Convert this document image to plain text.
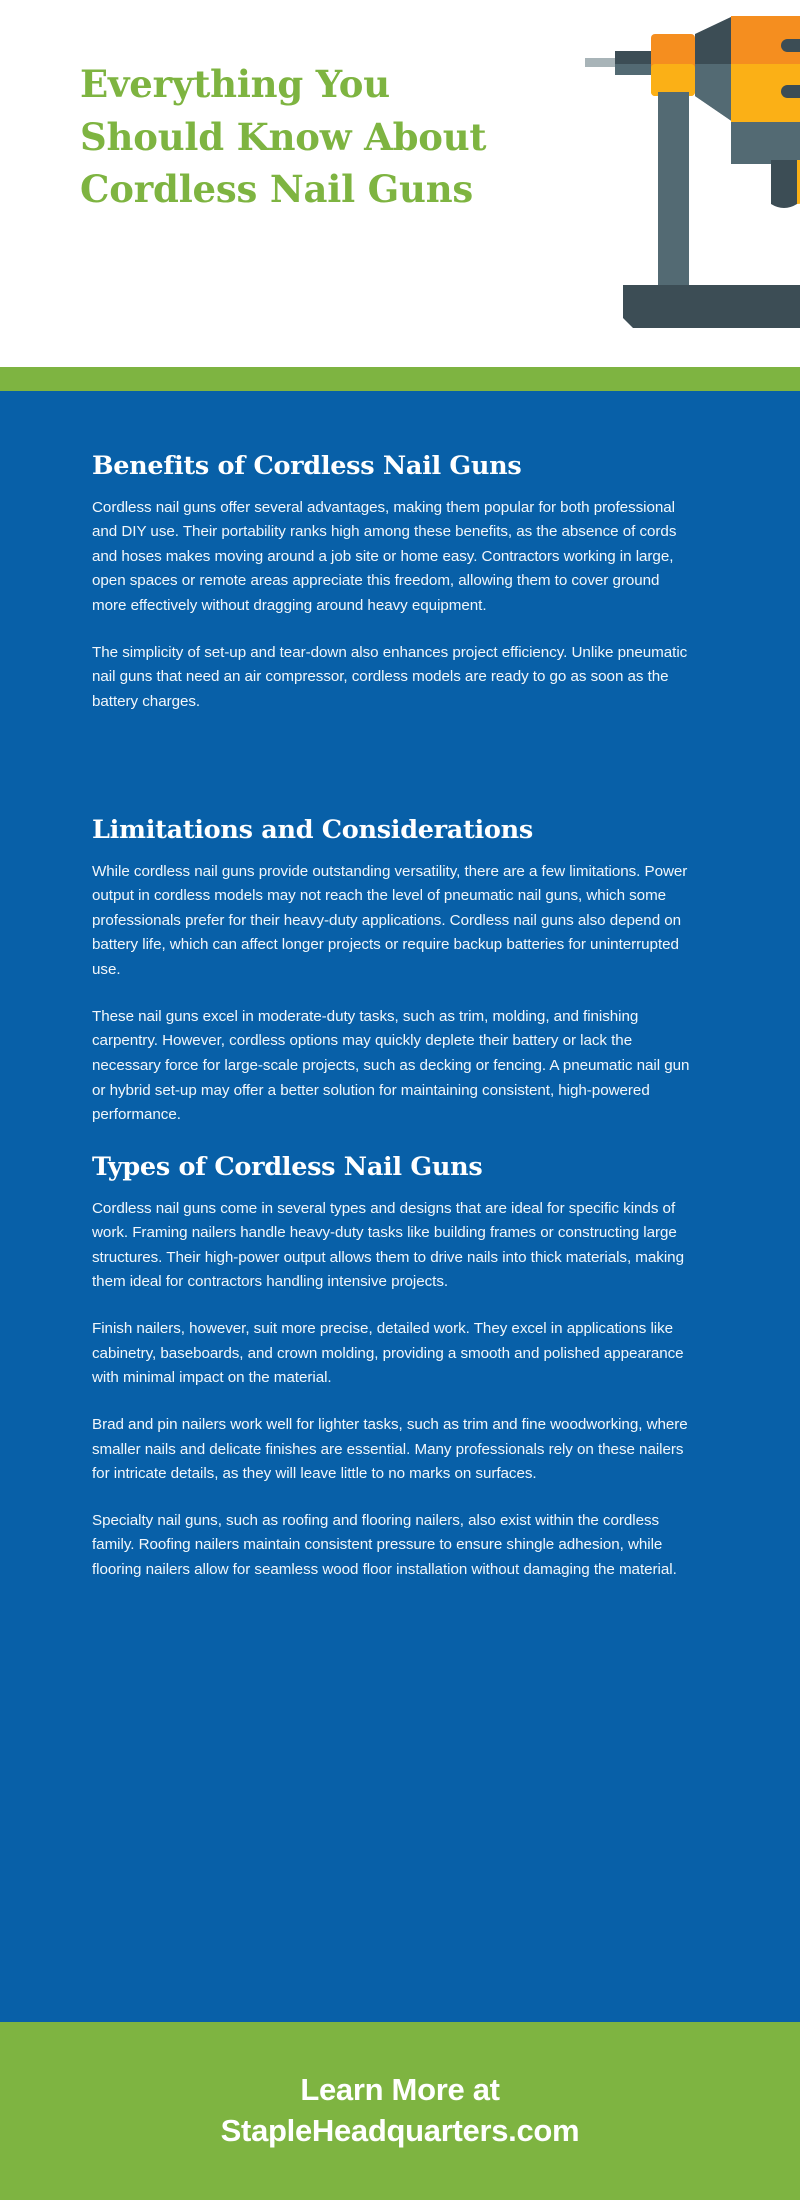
Everything You
Should Know About
Cordless Nail Guns
Benefits of Cordless Nail Guns

Cordless nail guns offer several advantages, making them popular for both professional and DIY use. Their portability ranks high among these benefits, as the absence of cords and hoses makes moving around a job site or home easy. Contractors working in large, open spaces or remote areas appreciate this freedom, allowing them to cover ground more effectively without dragging around heavy equipment.

The simplicity of set-up and tear-down also enhances project efficiency. Unlike pneumatic nail guns that need an air compressor, cordless models are ready to go as soon as the battery charges.

Limitations and Considerations

While cordless nail guns provide outstanding versatility, there are a few limitations. Power output in cordless models may not reach the level of pneumatic nail guns, which some professionals prefer for their heavy-duty applications. Cordless nail guns also depend on battery life, which can affect longer projects or require backup batteries for uninterrupted use.

These nail guns excel in moderate-duty tasks, such as trim, molding, and finishing carpentry. However, cordless options may quickly deplete their battery or lack the necessary force for large-scale projects, such as decking or fencing. A pneumatic nail gun or hybrid set-up may offer a better solution for maintaining consistent, high-powered performance.

Types of Cordless Nail Guns

Cordless nail guns come in several types and designs that are ideal for specific kinds of work. Framing nailers handle heavy-duty tasks like building frames or constructing large structures. Their high-power output allows them to drive nails into thick materials, making them ideal for contractors handling intensive projects.

Finish nailers, however, suit more precise, detailed work. They excel in applications like cabinetry, baseboards, and crown molding, providing a smooth and polished appearance with minimal impact on the material.

Brad and pin nailers work well for lighter tasks, such as trim and fine woodworking, where smaller nails and delicate finishes are essential. Many professionals rely on these nailers for intricate details, as they will leave little to no marks on surfaces.

Specialty nail guns, such as roofing and flooring nailers, also exist within the cordless family. Roofing nailers maintain consistent pressure to ensure shingle adhesion, while flooring nailers allow for seamless wood floor installation without damaging the material.

Learn More at
StapleHeadquarters.com
